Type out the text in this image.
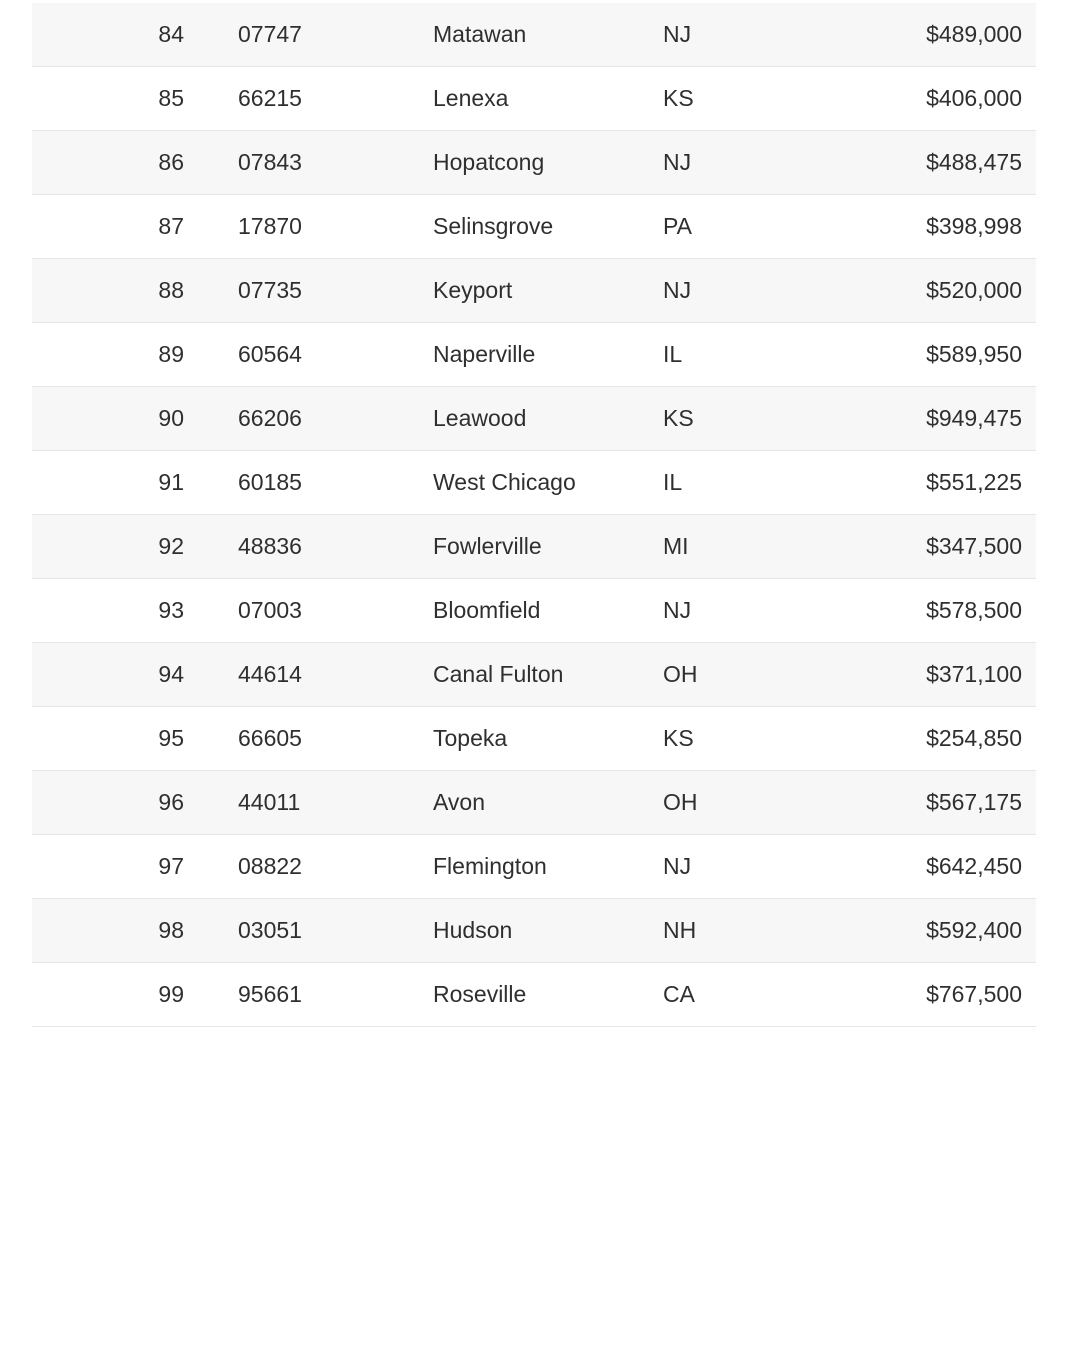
84 07747	Matawan	NJ	$489,000
85 66215	Lenexa	KS	$406,000
86 07843	Hopatcong	NJ	$488,475
87 17870	Selinsgrove	PA	$398,998
88 07735	Keyport	NJ	$520,000
89 60564	Naperville	IL	$589,950
90 66206	Leawood	KS	$949,475
91 60185	West Chicago	IL	$551,225
92 48836	Fowlerville	MI	$347,500
93 07003	Bloomfield	NJ	$578,500
94 44614	Canal Fulton	OH	$371,100
95 66605	Topeka	KS	$254,850
96 44011	Avon	OH	$567,175
97 08822	Flemington	NJ	$642,450
98 03051	Hudson	NH	$592,400
99 95661	Roseville	CA	$767,500
